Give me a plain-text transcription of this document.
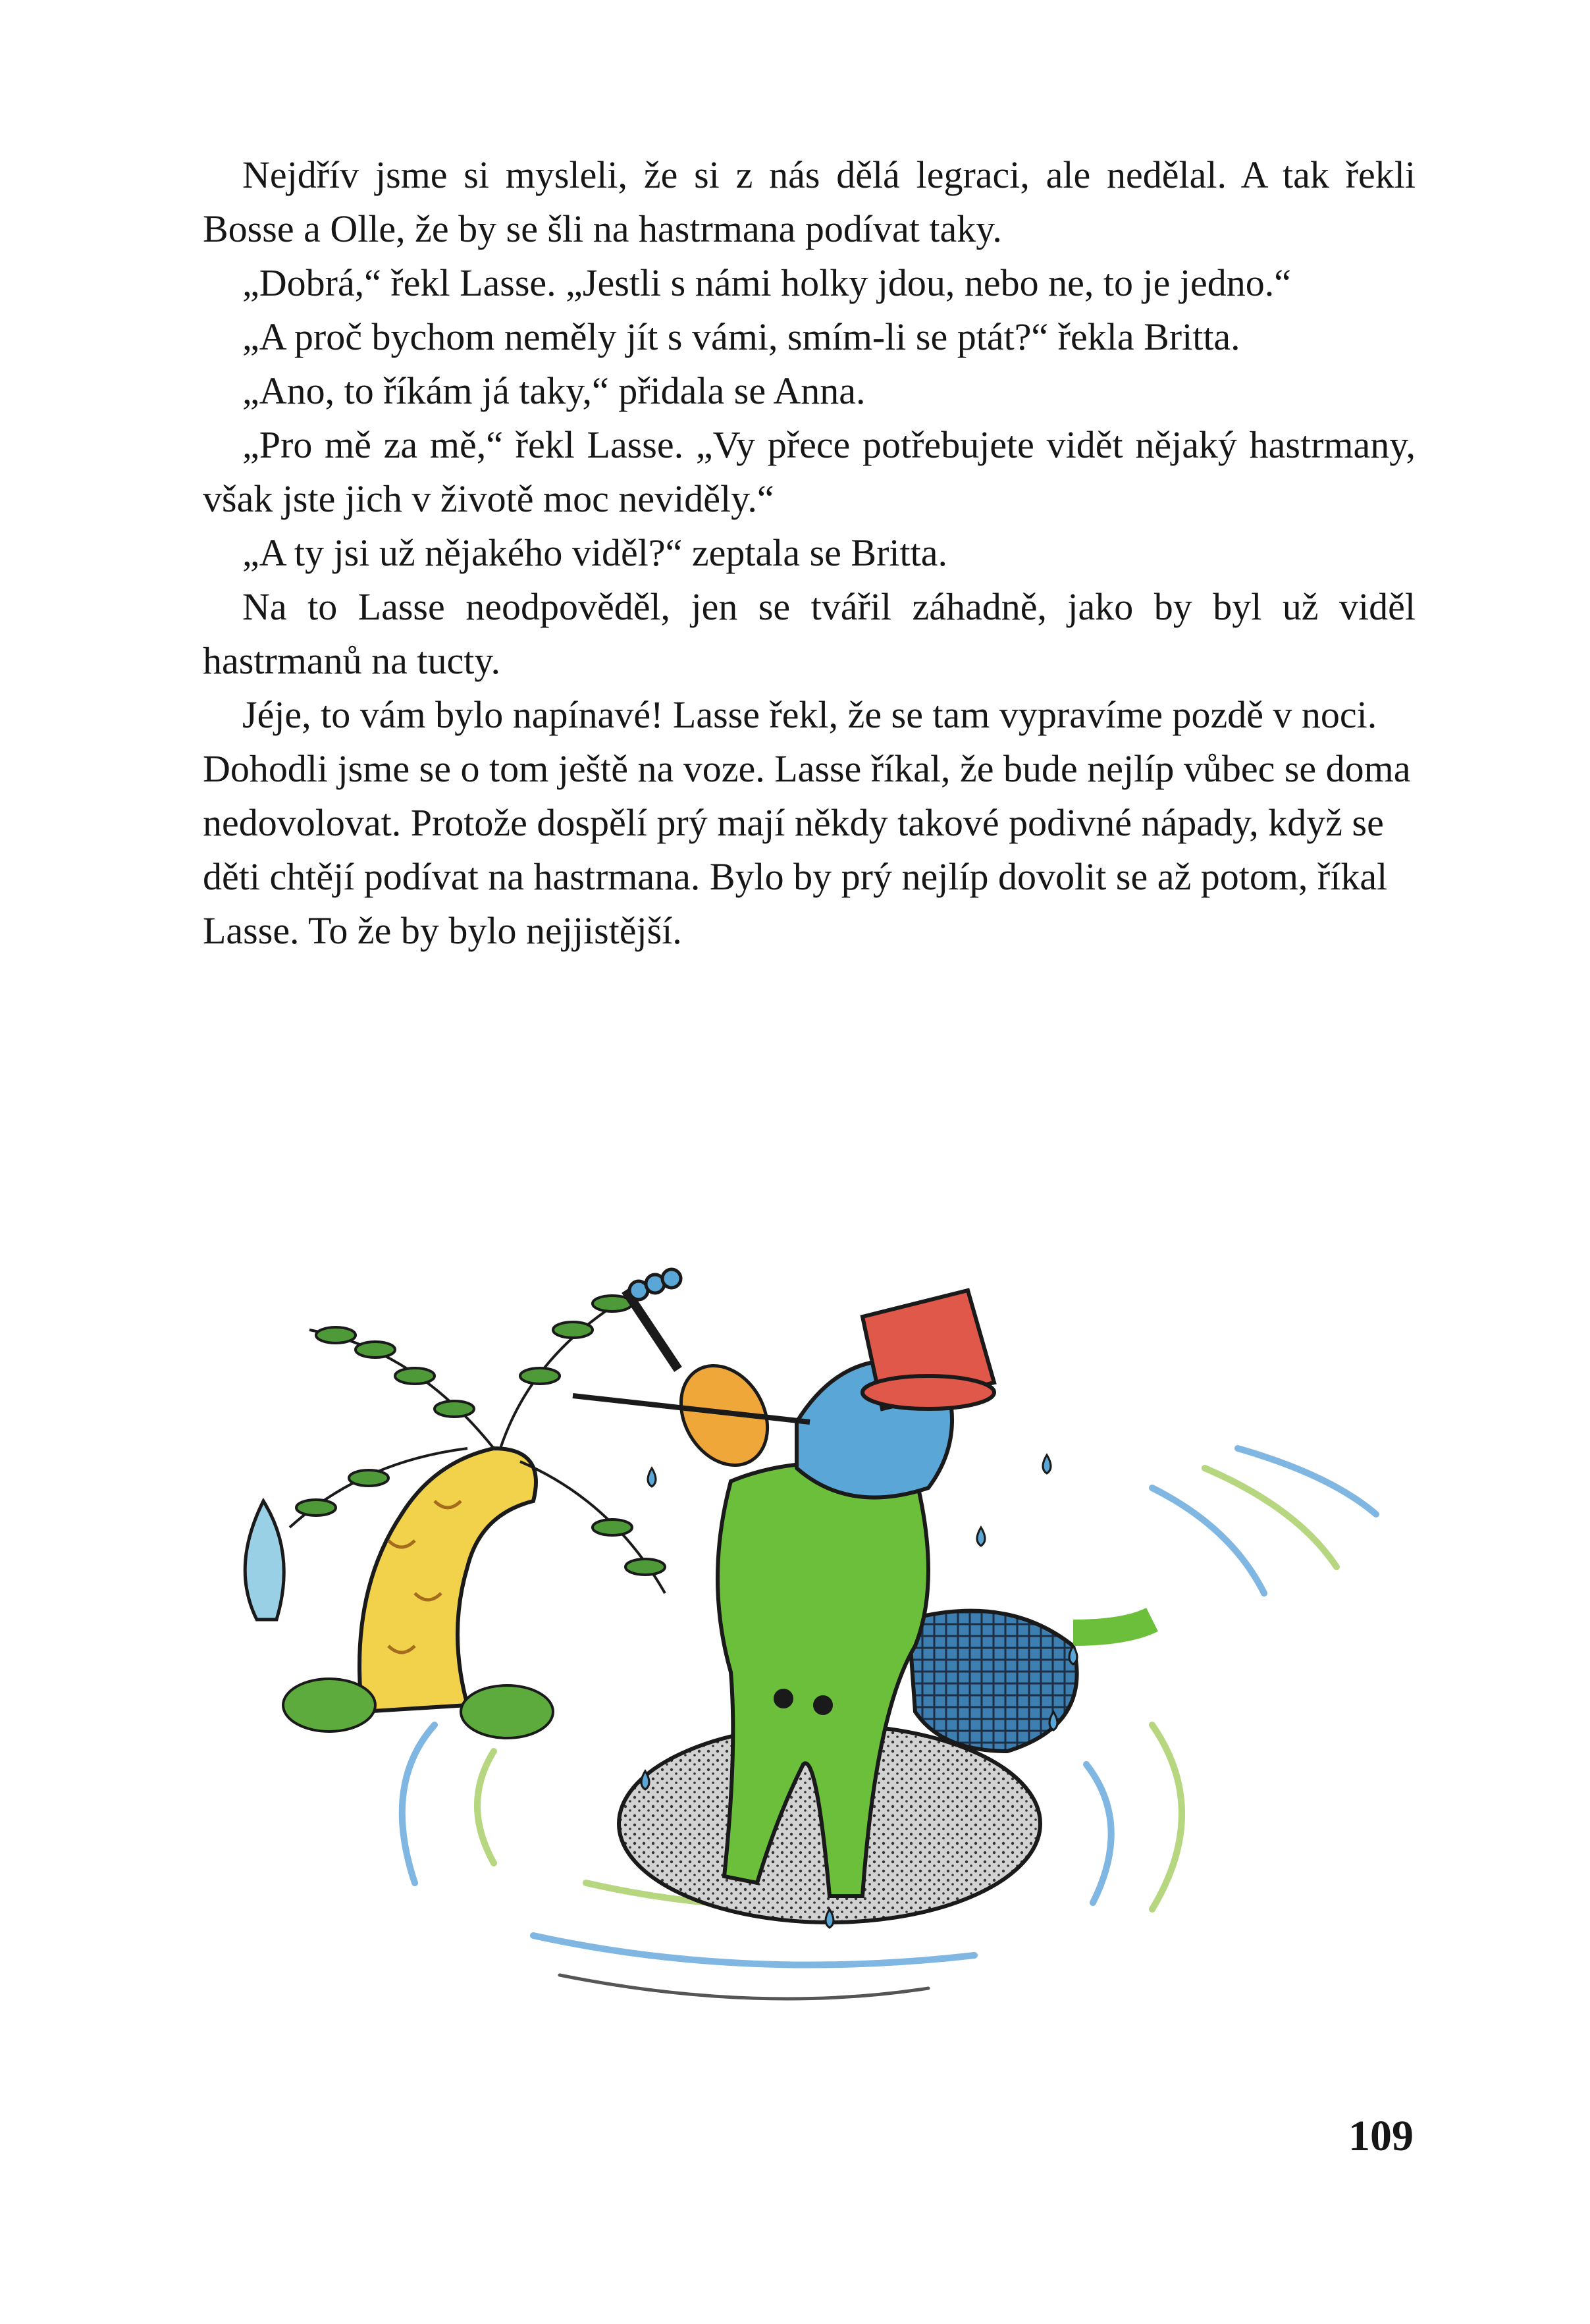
Nejdřív jsme si mysleli, že si z nás dělá legraci, ale nedělal. A tak řekli Bosse a Olle, že by se šli na hastrmana podívat taky.

„Dobrá,“ řekl Lasse. „Jestli s námi holky jdou, nebo ne, to je jedno.“

„A proč bychom neměly jít s vámi, smím-li se ptát?“ řekla Britta.

„Ano, to říkám já taky,“ přidala se Anna.

„Pro mě za mě,“ řekl Lasse. „Vy přece potřebujete vidět nějaký hastrmany, však jste jich v životě moc neviděly.“

„A ty jsi už nějakého viděl?“ zeptala se Britta.

Na to Lasse neodpověděl, jen se tvářil záhadně, jako by byl už viděl hastrmanů na tucty.

Jéje, to vám bylo napínavé! Lasse řekl, že se tam vypravíme pozdě v noci. Dohodli jsme se o tom ještě na voze. Lasse říkal, že bude nejlíp vůbec se doma nedovolovat. Protože dospělí prý mají někdy takové podivné nápady, když se děti chtějí podívat na hastrmana. Bylo by prý nejlíp dovolit se až potom, říkal Lasse. To že by bylo nejjistější.

109
